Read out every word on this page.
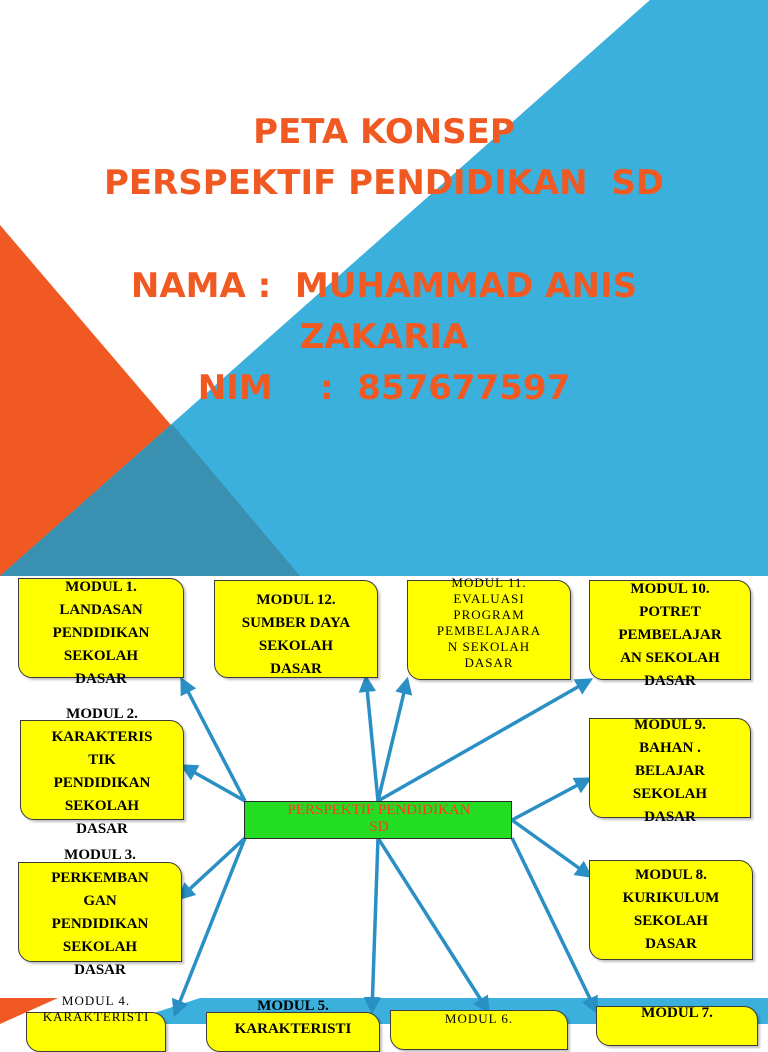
PETA KONSEP
PERSPEKTIF PENDIDIKAN  SD
NAMA :  MUHAMMAD ANIS
ZAKARIA
NIM    :  857677597
PERSPEKTIF PENDIDIKAN
SD
MODUL 1.
LANDASAN
PENDIDIKAN
SEKOLAH
DASAR
MODUL 12.
SUMBER DAYA
SEKOLAH
DASAR
MODUL 11.
EVALUASI
PROGRAM
PEMBELAJARA
N SEKOLAH
DASAR
MODUL 10.
POTRET
PEMBELAJAR
AN SEKOLAH
DASAR
MODUL 2.
KARAKTERIS
TIK
PENDIDIKAN
SEKOLAH
DASAR
MODUL 9.
BAHAN .
BELAJAR
SEKOLAH
DASAR
MODUL 3.
PERKEMBAN
GAN
PENDIDIKAN
SEKOLAH
DASAR
MODUL 8.
KURIKULUM
SEKOLAH
DASAR
MODUL 4.
KARAKTERISTI
MODUL 5.
KARAKTERISTI
MODUL 6.	MODUL 7.
